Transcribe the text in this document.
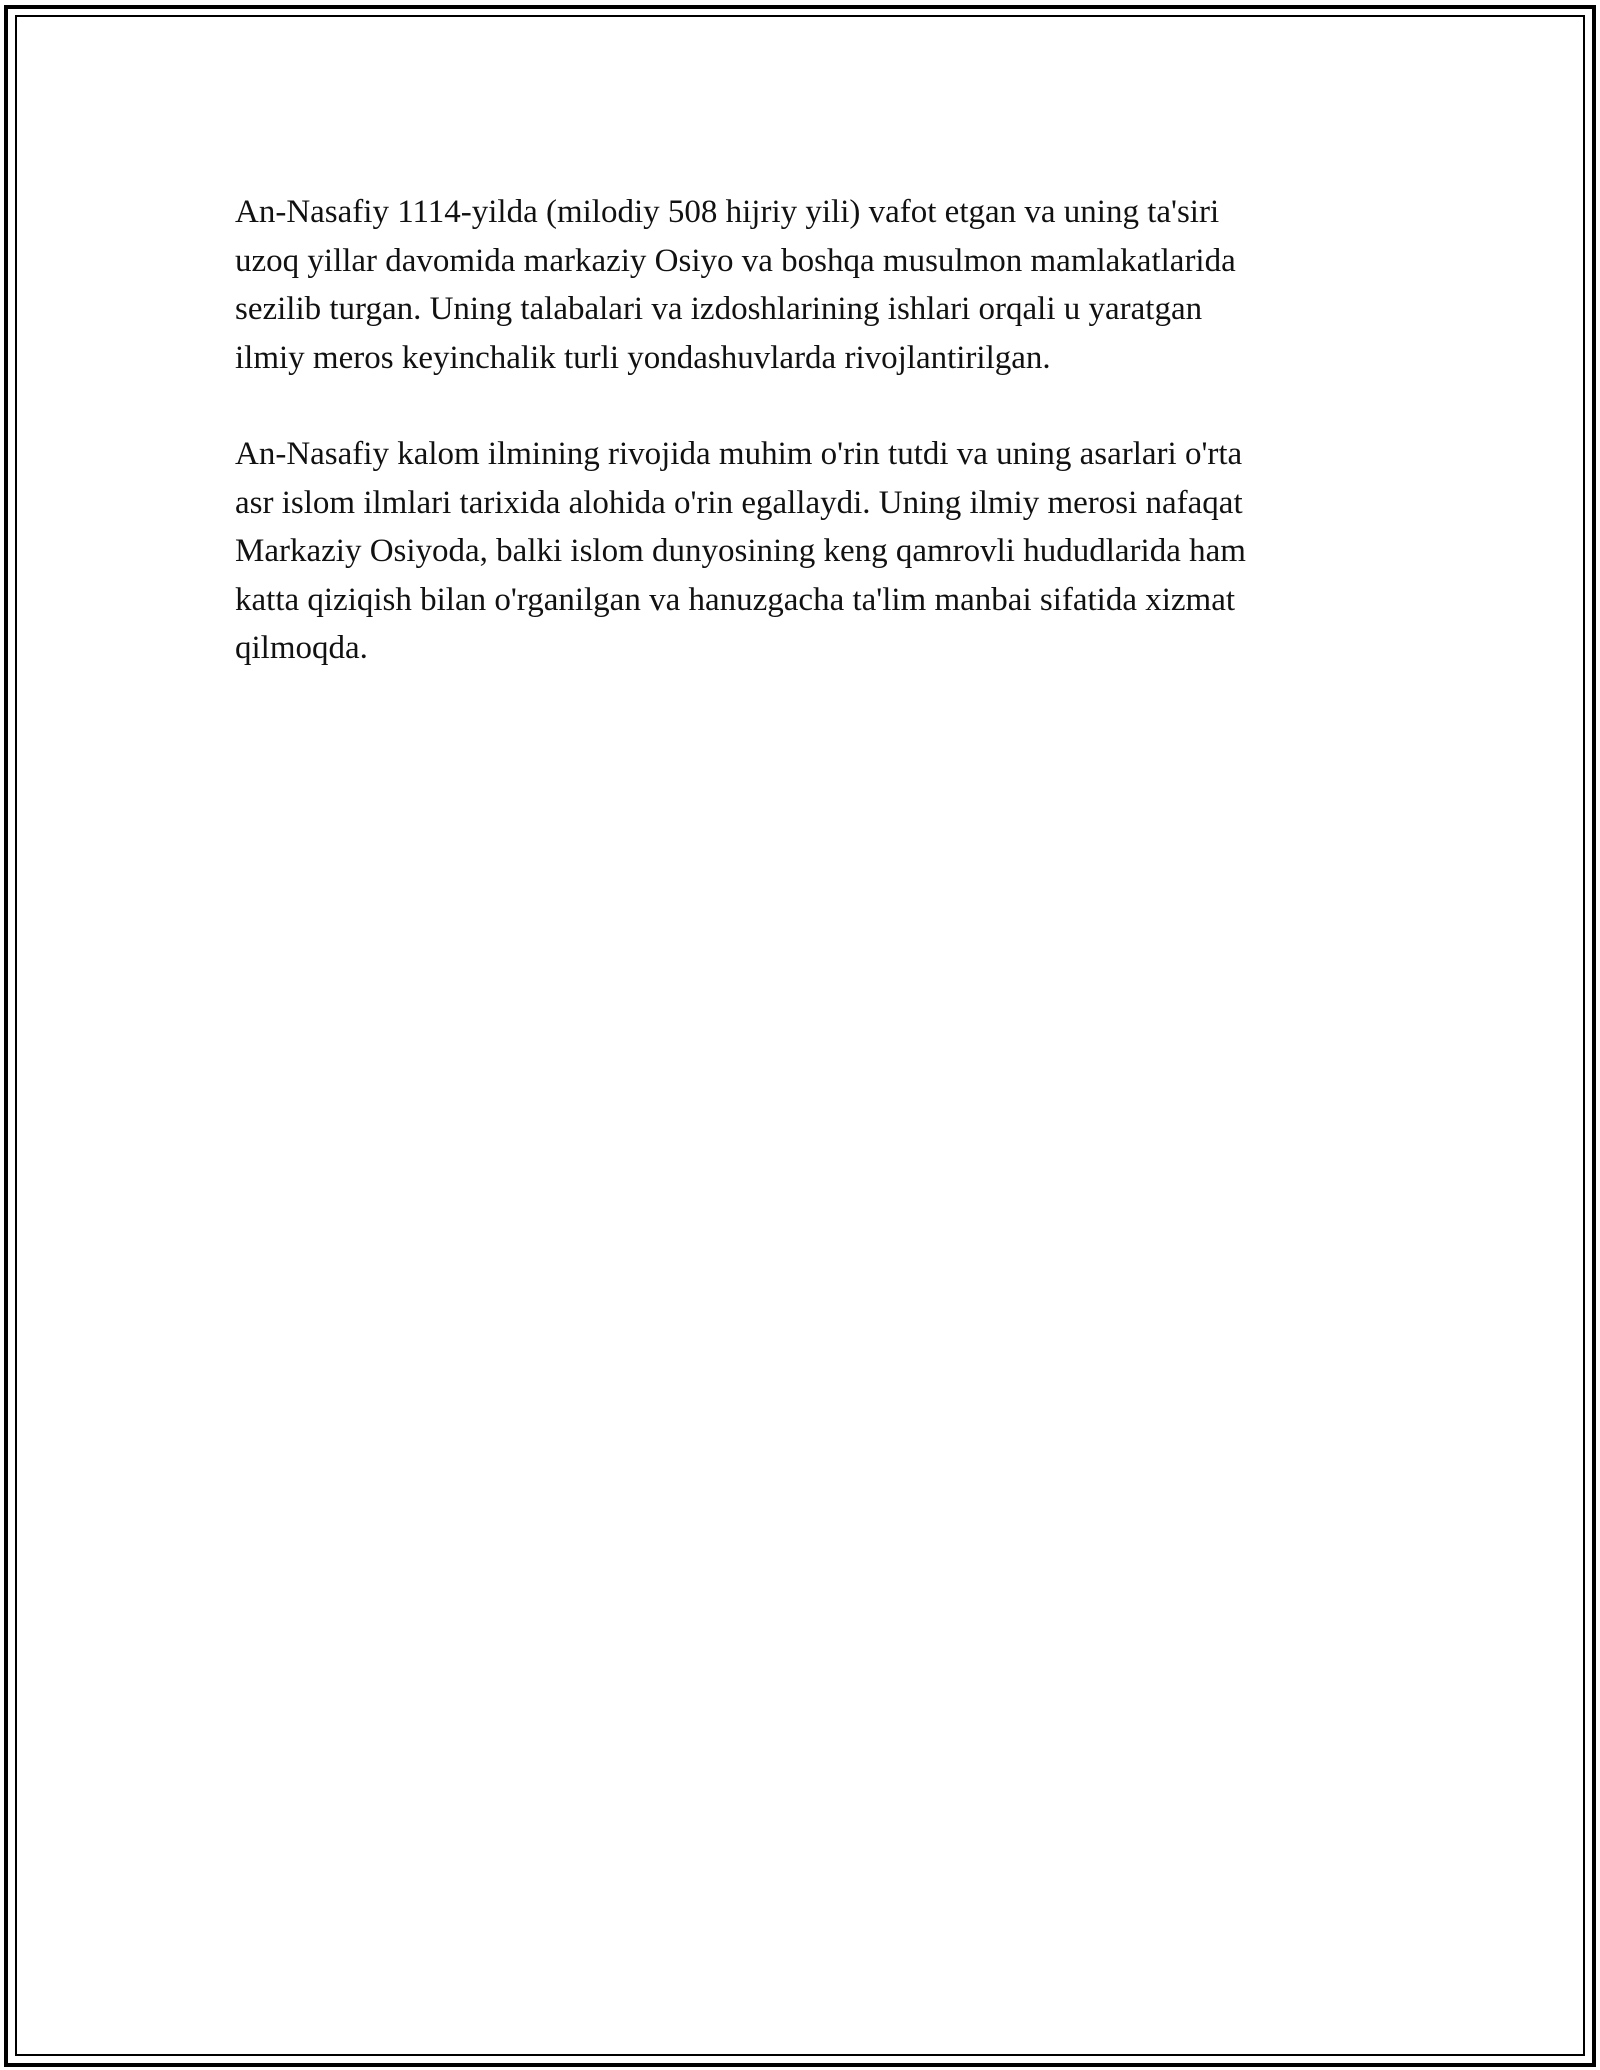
An-Nasafiy 1114-yilda (milodiy 508 hijriy yili) vafot etgan va uning ta'siri
uzoq yillar davomida markaziy Osiyo va boshqa musulmon mamlakatlarida
sezilib turgan. Uning talabalari va izdoshlarining ishlari orqali u yaratgan
ilmiy meros keyinchalik turli yondashuvlarda rivojlantirilgan.

An-Nasafiy kalom ilmining rivojida muhim o'rin tutdi va uning asarlari o'rta
asr islom ilmlari tarixida alohida o'rin egallaydi. Uning ilmiy merosi nafaqat
Markaziy Osiyoda, balki islom dunyosining keng qamrovli hududlarida ham
katta qiziqish bilan o'rganilgan va hanuzgacha ta'lim manbai sifatida xizmat
qilmoqda.
